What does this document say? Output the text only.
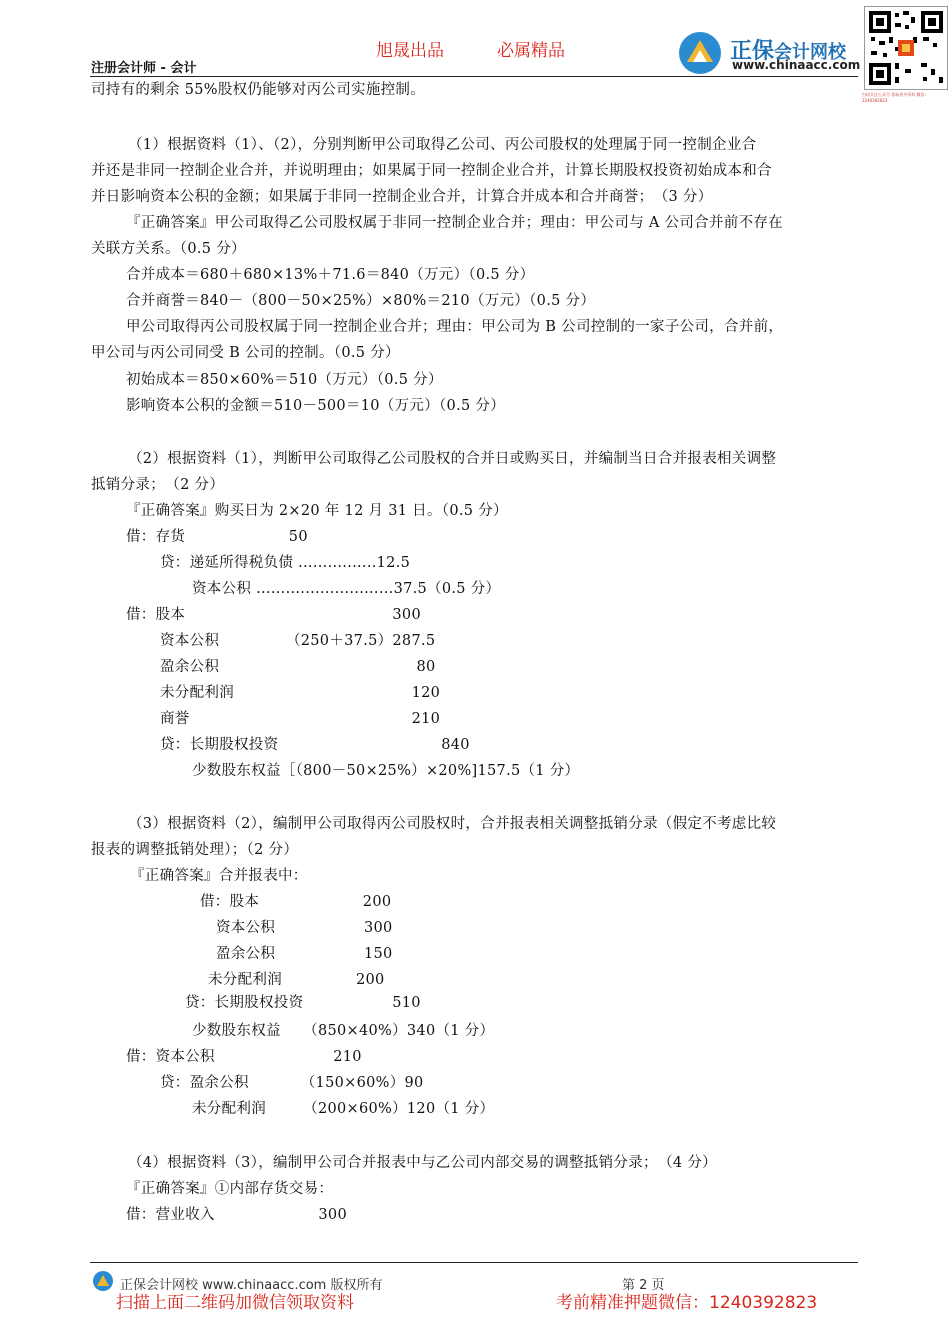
旭晟出品	必属精品
注册会计师 - 会计
正保会计网校
www.chinaacc.com
扫码关注公众号 获取更多资料 微信: 1240392823
司持有的剩余 55%股权仍能够对丙公司实施控制。
（1）根据资料（1）、（2），分别判断甲公司取得乙公司、丙公司股权的处理属于同一控制企业合
并还是非同一控制企业合并，并说明理由；如果属于同一控制企业合并，计算长期股权投资初始成本和合
并日影响资本公积的金额；如果属于非同一控制企业合并，计算合并成本和合并商誉；　（3 分）
『正确答案』甲公司取得乙公司股权属于非同一控制企业合并；理由：甲公司与 A 公司合并前不存在
关联方关系。（0.5 分）
合并成本＝680＋680×13%＋71.6＝840（万元）（0.5 分）
合并商誉＝840－（800－50×25%）×80%＝210（万元）（0.5 分）
甲公司取得丙公司股权属于同一控制企业合并；理由：甲公司为 B 公司控制的一家子公司，合并前，
甲公司与丙公司同受 B 公司的控制。（0.5 分）
初始成本＝850×60%＝510（万元）（0.5 分）
影响资本公积的金额＝510－500＝10（万元）（0.5 分）
（2）根据资料（1），判断甲公司取得乙公司股权的合并日或购买日，并编制当日合并报表相关调整
抵销分录；　（2 分）
『正确答案』购买日为 2×20 年 12 月 31 日。（0.5 分）
借：存货　　　　　　　50
贷：递延所得税负债 ................12.5
资本公积 ............................37.5（0.5 分）
借：股本　　　　　　　　　　　　　　300
资本公积　　　　　（250＋37.5）287.5
盈余公积　　　　　　　　　　　　　 80
未分配利润　　　　　　　　　　　　120
商誉　　　　　　　　　　　　　　　210
贷：长期股权投资　　　　　　　　　　　840
少数股东权益［（800－50×25%）×20%]157.5（1 分）
（3）根据资料（2），编制甲公司取得丙公司股权时，合并报表相关调整抵销分录（假定不考虑比较
报表的调整抵销处理）；（2 分）
『正确答案』合并报表中：
借：股本　　　　　　　200
资本公积　　　　　　300
盈余公积　　　　　　150
未分配利润　　　　　200
贷：长期股权投资　　　　　　510
少数股东权益　　（850×40%）340（1 分）
借：资本公积　　　　　　　　210
贷：盈余公积　　　　（150×60%）90
未分配利润　　　（200×60%）120（1 分）
（4）根据资料（3），编制甲公司合并报表中与乙公司内部交易的调整抵销分录；　（4 分）
『正确答案』①内部存货交易：
借：营业收入　　　　　　　300
正保会计网校 www.chinaacc.com 版权所有	第 2 页
扫描上面二维码加微信领取资料	考前精准押题微信：1240392823
